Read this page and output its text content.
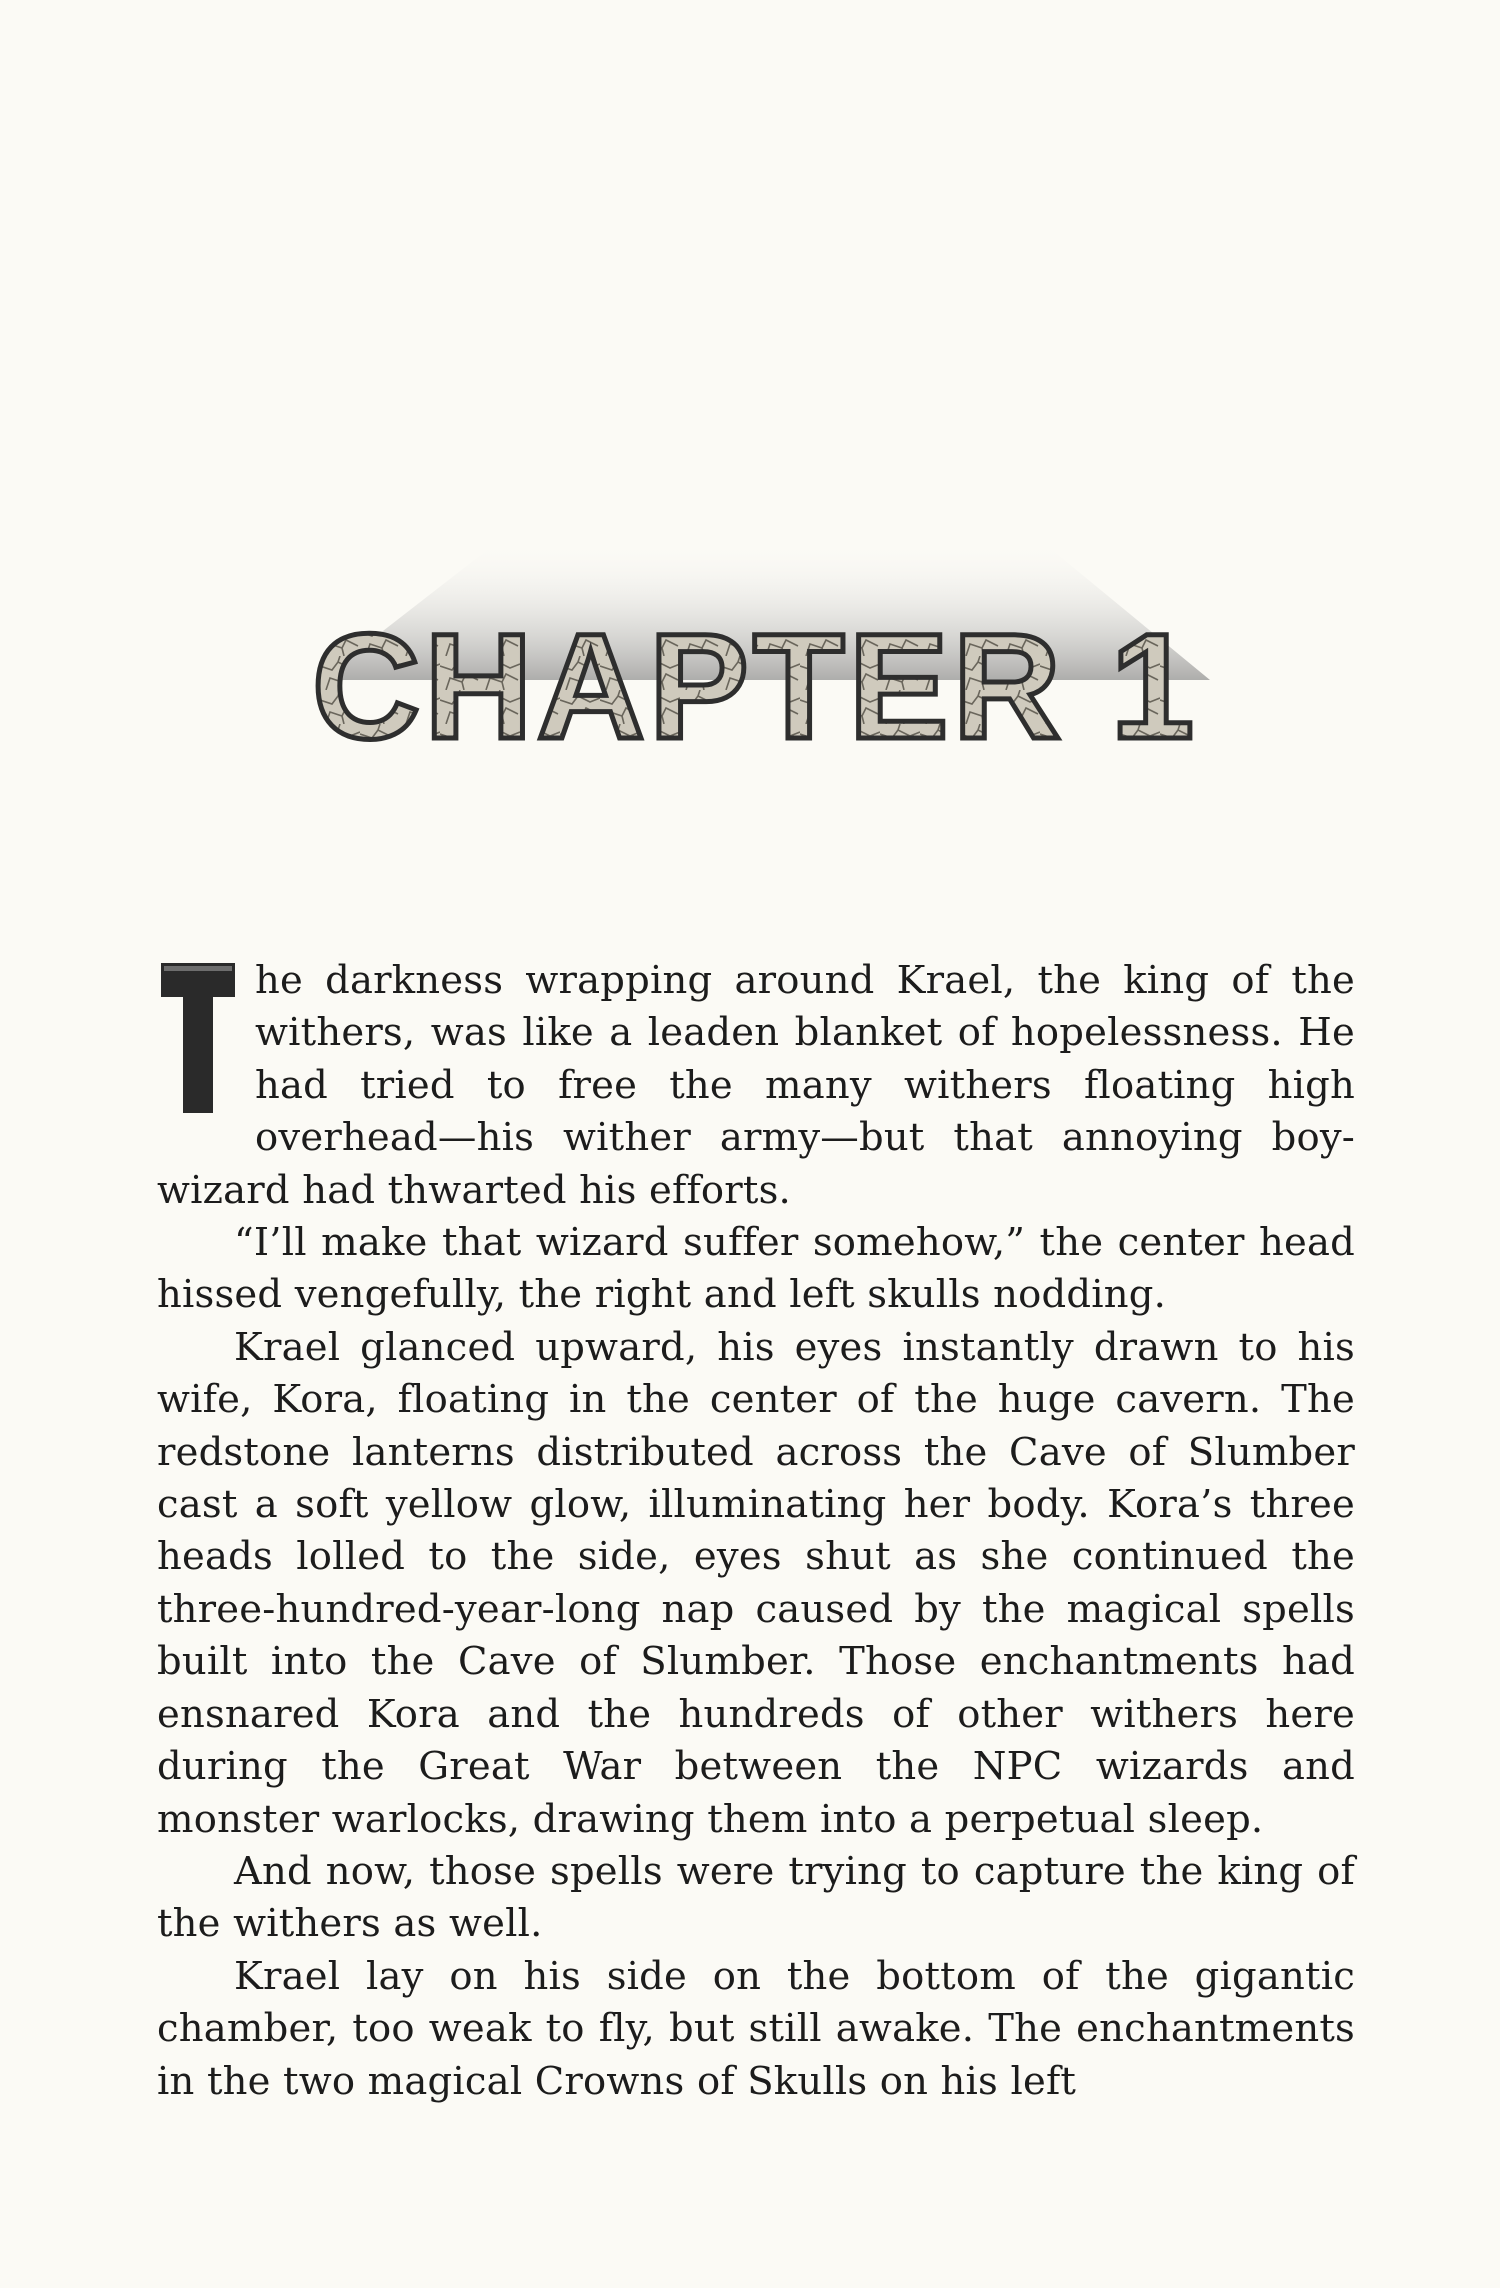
CHAPTER 1

he darkness wrapping around Krael, the king of the withers, was like a leaden blanket of hopelessness. He had tried to free the many withers floating high overhead—his wither army—but that annoying boy-wizard had thwarted his efforts.

“I’ll make that wizard suffer somehow,” the center head hissed vengefully, the right and left skulls nodding.

Krael glanced upward, his eyes instantly drawn to his wife, Kora, floating in the center of the huge cavern. The redstone lanterns distributed across the Cave of Slumber cast a soft yellow glow, illuminating her body. Kora’s three heads lolled to the side, eyes shut as she continued the three-hundred-year-long nap caused by the magical spells built into the Cave of Slumber. Those enchantments had ensnared Kora and the hundreds of other withers here during the Great War between the NPC wizards and monster warlocks, drawing them into a perpetual sleep.

And now, those spells were trying to capture the king of the withers as well.

Krael lay on his side on the bottom of the gigantic chamber, too weak to fly, but still awake. The enchantments in the two magical Crowns of Skulls on his left
